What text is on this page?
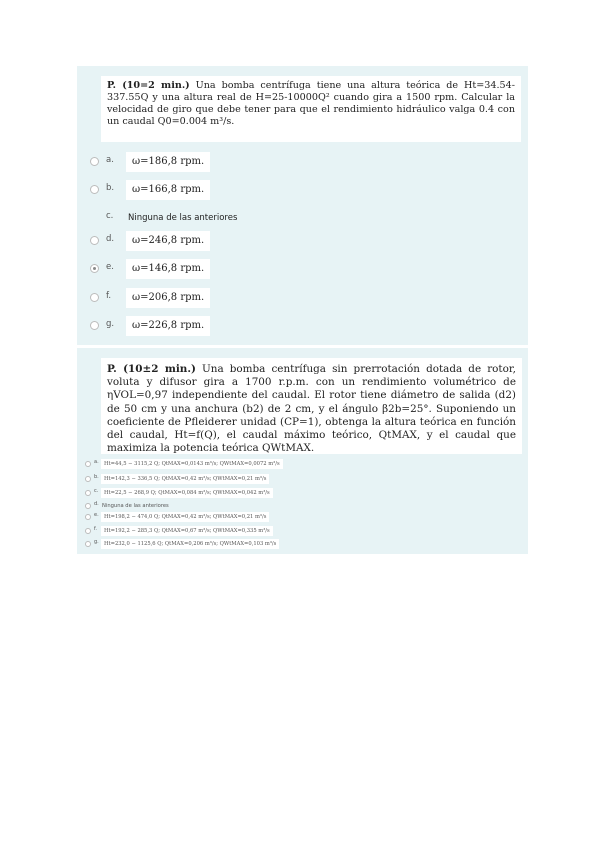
P. (10=2 min.) Una bomba centrífuga tiene una altura teórica de Ht=34.54-337.55Q y una altura real de H=25-10000Q² cuando gira a 1500 rpm. Calcular la velocidad de giro que debe tener para que el rendimiento hidráulico valga 0.4 con un caudal Q0=0.004 m³/s.
a.	ω=186,8 rpm.
b.	ω=166,8 rpm.
c.	Ninguna de las anteriores
d.	ω=246,8 rpm.
e.	ω=146,8 rpm.
f.	ω=206,8 rpm.
g.	ω=226,8 rpm.
P. (10±2 min.) Una bomba centrífuga sin prerrotación dotada de rotor, voluta y difusor gira a 1700 r.p.m. con un rendimiento volumétrico de ηVOL=0,97 independiente del caudal. El rotor tiene diámetro de salida (d2) de 50 cm y una anchura (b2) de 2 cm, y el ángulo β2b=25°. Suponiendo un coeficiente de Pfleiderer unidad (CP=1), obtenga la altura teórica en función del caudal, Ht=f(Q), el caudal máximo teórico, QtMAX, y el caudal que maximiza la potencia teórica QWtMAX.
a.	Ht=44,5 − 3115,2 Q; QtMAX=0,0143 m³/s; QWtMAX=0,0072 m³/s
b.	Ht=142,3 − 336,5 Q; QtMAX=0,42 m³/s; QWtMAX=0,21 m³/s
c.	Ht=22,5 − 268,9 Q; QtMAX=0,084 m³/s; QWtMAX=0,042 m³/s
d. Ninguna de las anteriores
e.	Ht=198,2 − 474,0 Q; QtMAX=0,42 m³/s; QWtMAX=0,21 m³/s
f.	Ht=192,2 − 285,3 Q; QtMAX=0,67 m³/s; QWtMAX=0,335 m³/s
g.	Ht=232,0 − 1125,6 Q; QtMAX=0,206 m³/s; QWtMAX=0,103 m³/s
